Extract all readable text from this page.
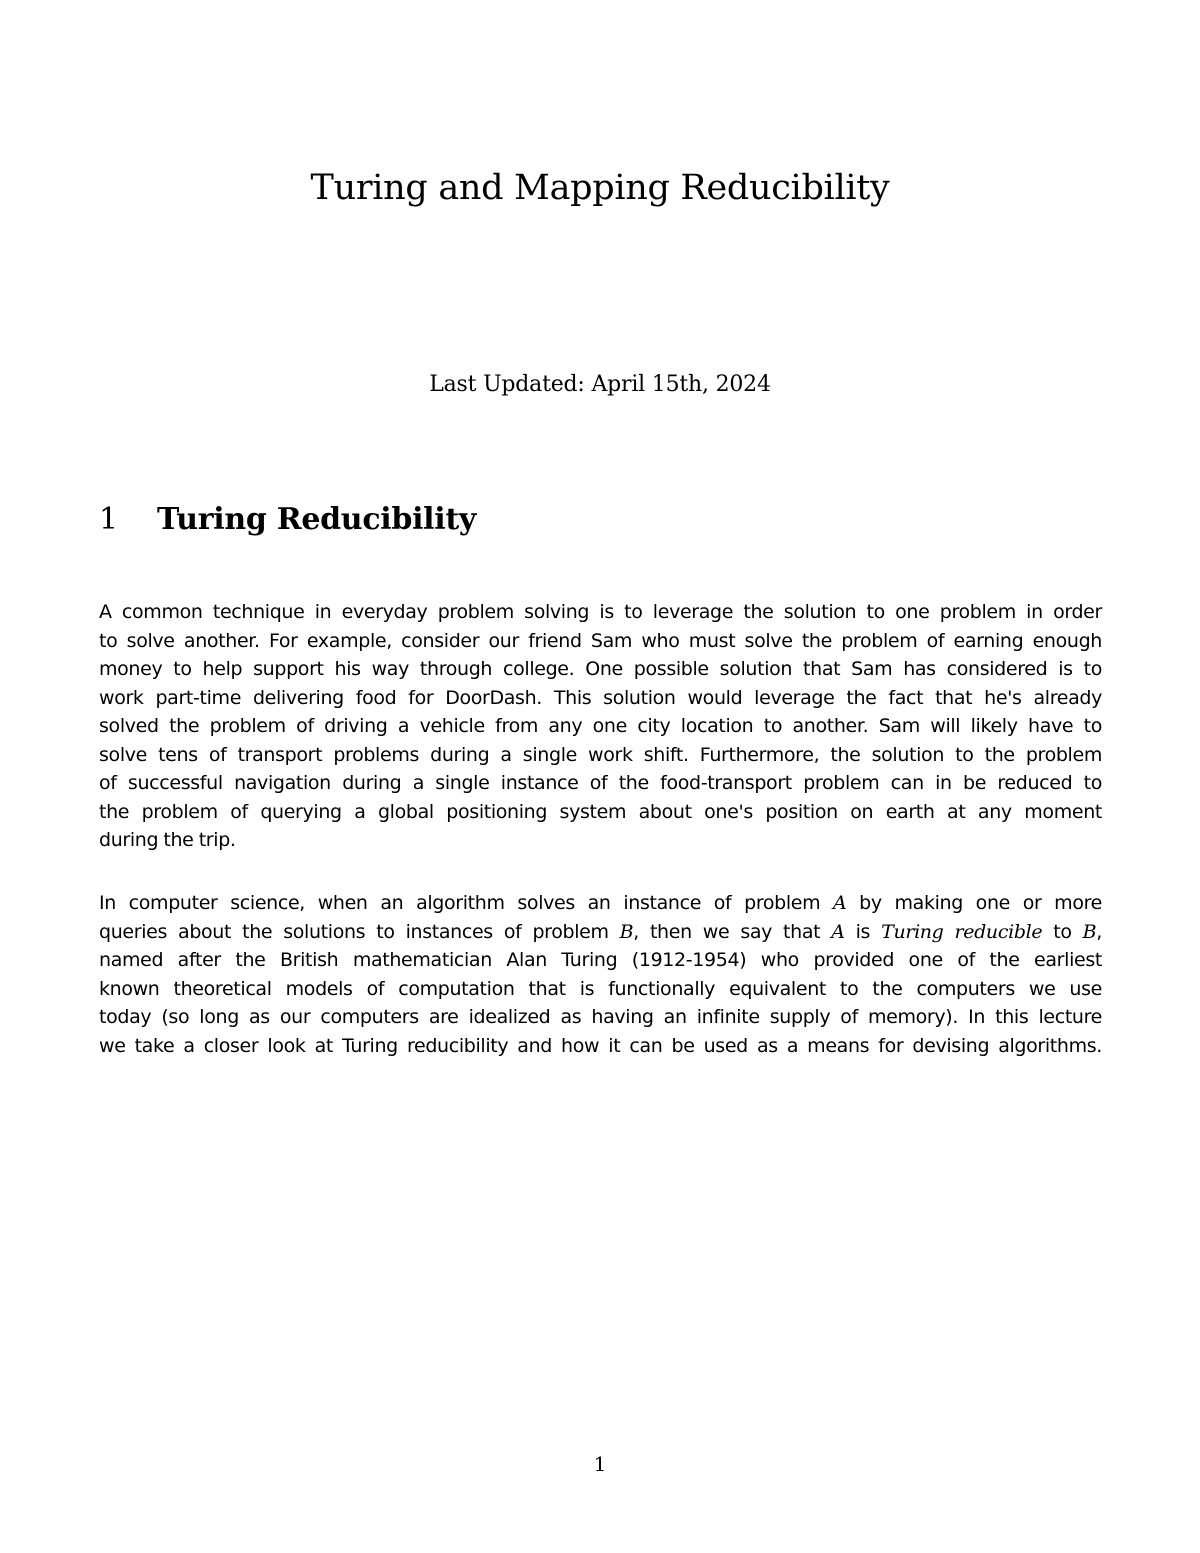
Turing and Mapping Reducibility
Last Updated: April 15th, 2024
1	Turing Reducibility

A common technique in everyday problem solving is to leverage the solution to one problem in order
to solve another. For example, consider our friend Sam who must solve the problem of earning enough
money to help support his way through college. One possible solution that Sam has considered is to
work part-time delivering food for DoorDash. This solution would leverage the fact that he's already
solved the problem of driving a vehicle from any one city location to another. Sam will likely have to
solve tens of transport problems during a single work shift. Furthermore, the solution to the problem
of successful navigation during a single instance of the food-transport problem can in be reduced to
the problem of querying a global positioning system about one's position on earth at any moment
during the trip.

In computer science, when an algorithm solves an instance of problem A by making one or more
queries about the solutions to instances of problem B, then we say that A is Turing reducible to B,
named after the British mathematician Alan Turing (1912-1954) who provided one of the earliest
known theoretical models of computation that is functionally equivalent to the computers we use
today (so long as our computers are idealized as having an infinite supply of memory). In this lecture
we take a closer look at Turing reducibility and how it can be used as a means for devising algorithms.

1
